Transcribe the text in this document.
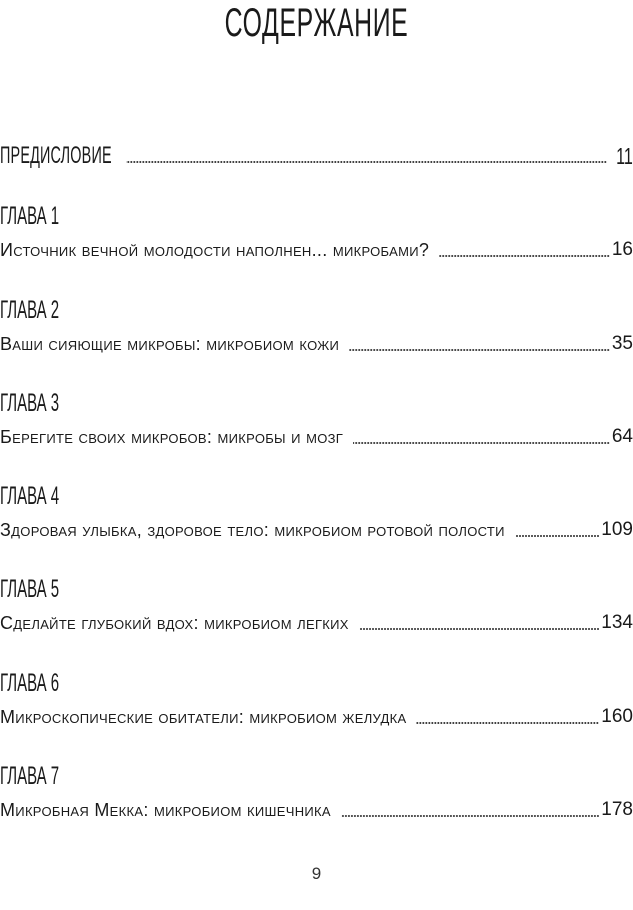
СОДЕРЖАНИЕ
ПРЕДИСЛОВИЕ	11
ГЛАВА 1
Источник вечной молодости наполнен... микробами?	16
ГЛАВА 2
Ваши сияющие микробы: микробиом кожи	35
ГЛАВА 3
Берегите своих микробов: микробы и мозг	64
ГЛАВА 4
Здоровая улыбка, здоровое тело: микробиом ротовой полости	109
ГЛАВА 5
Сделайте глубокий вдох: микробиом легких	134
ГЛАВА 6
Микроскопические обитатели: микробиом желудка	160
ГЛАВА 7
Микробная Мекка: микробиом кишечника	178
9
